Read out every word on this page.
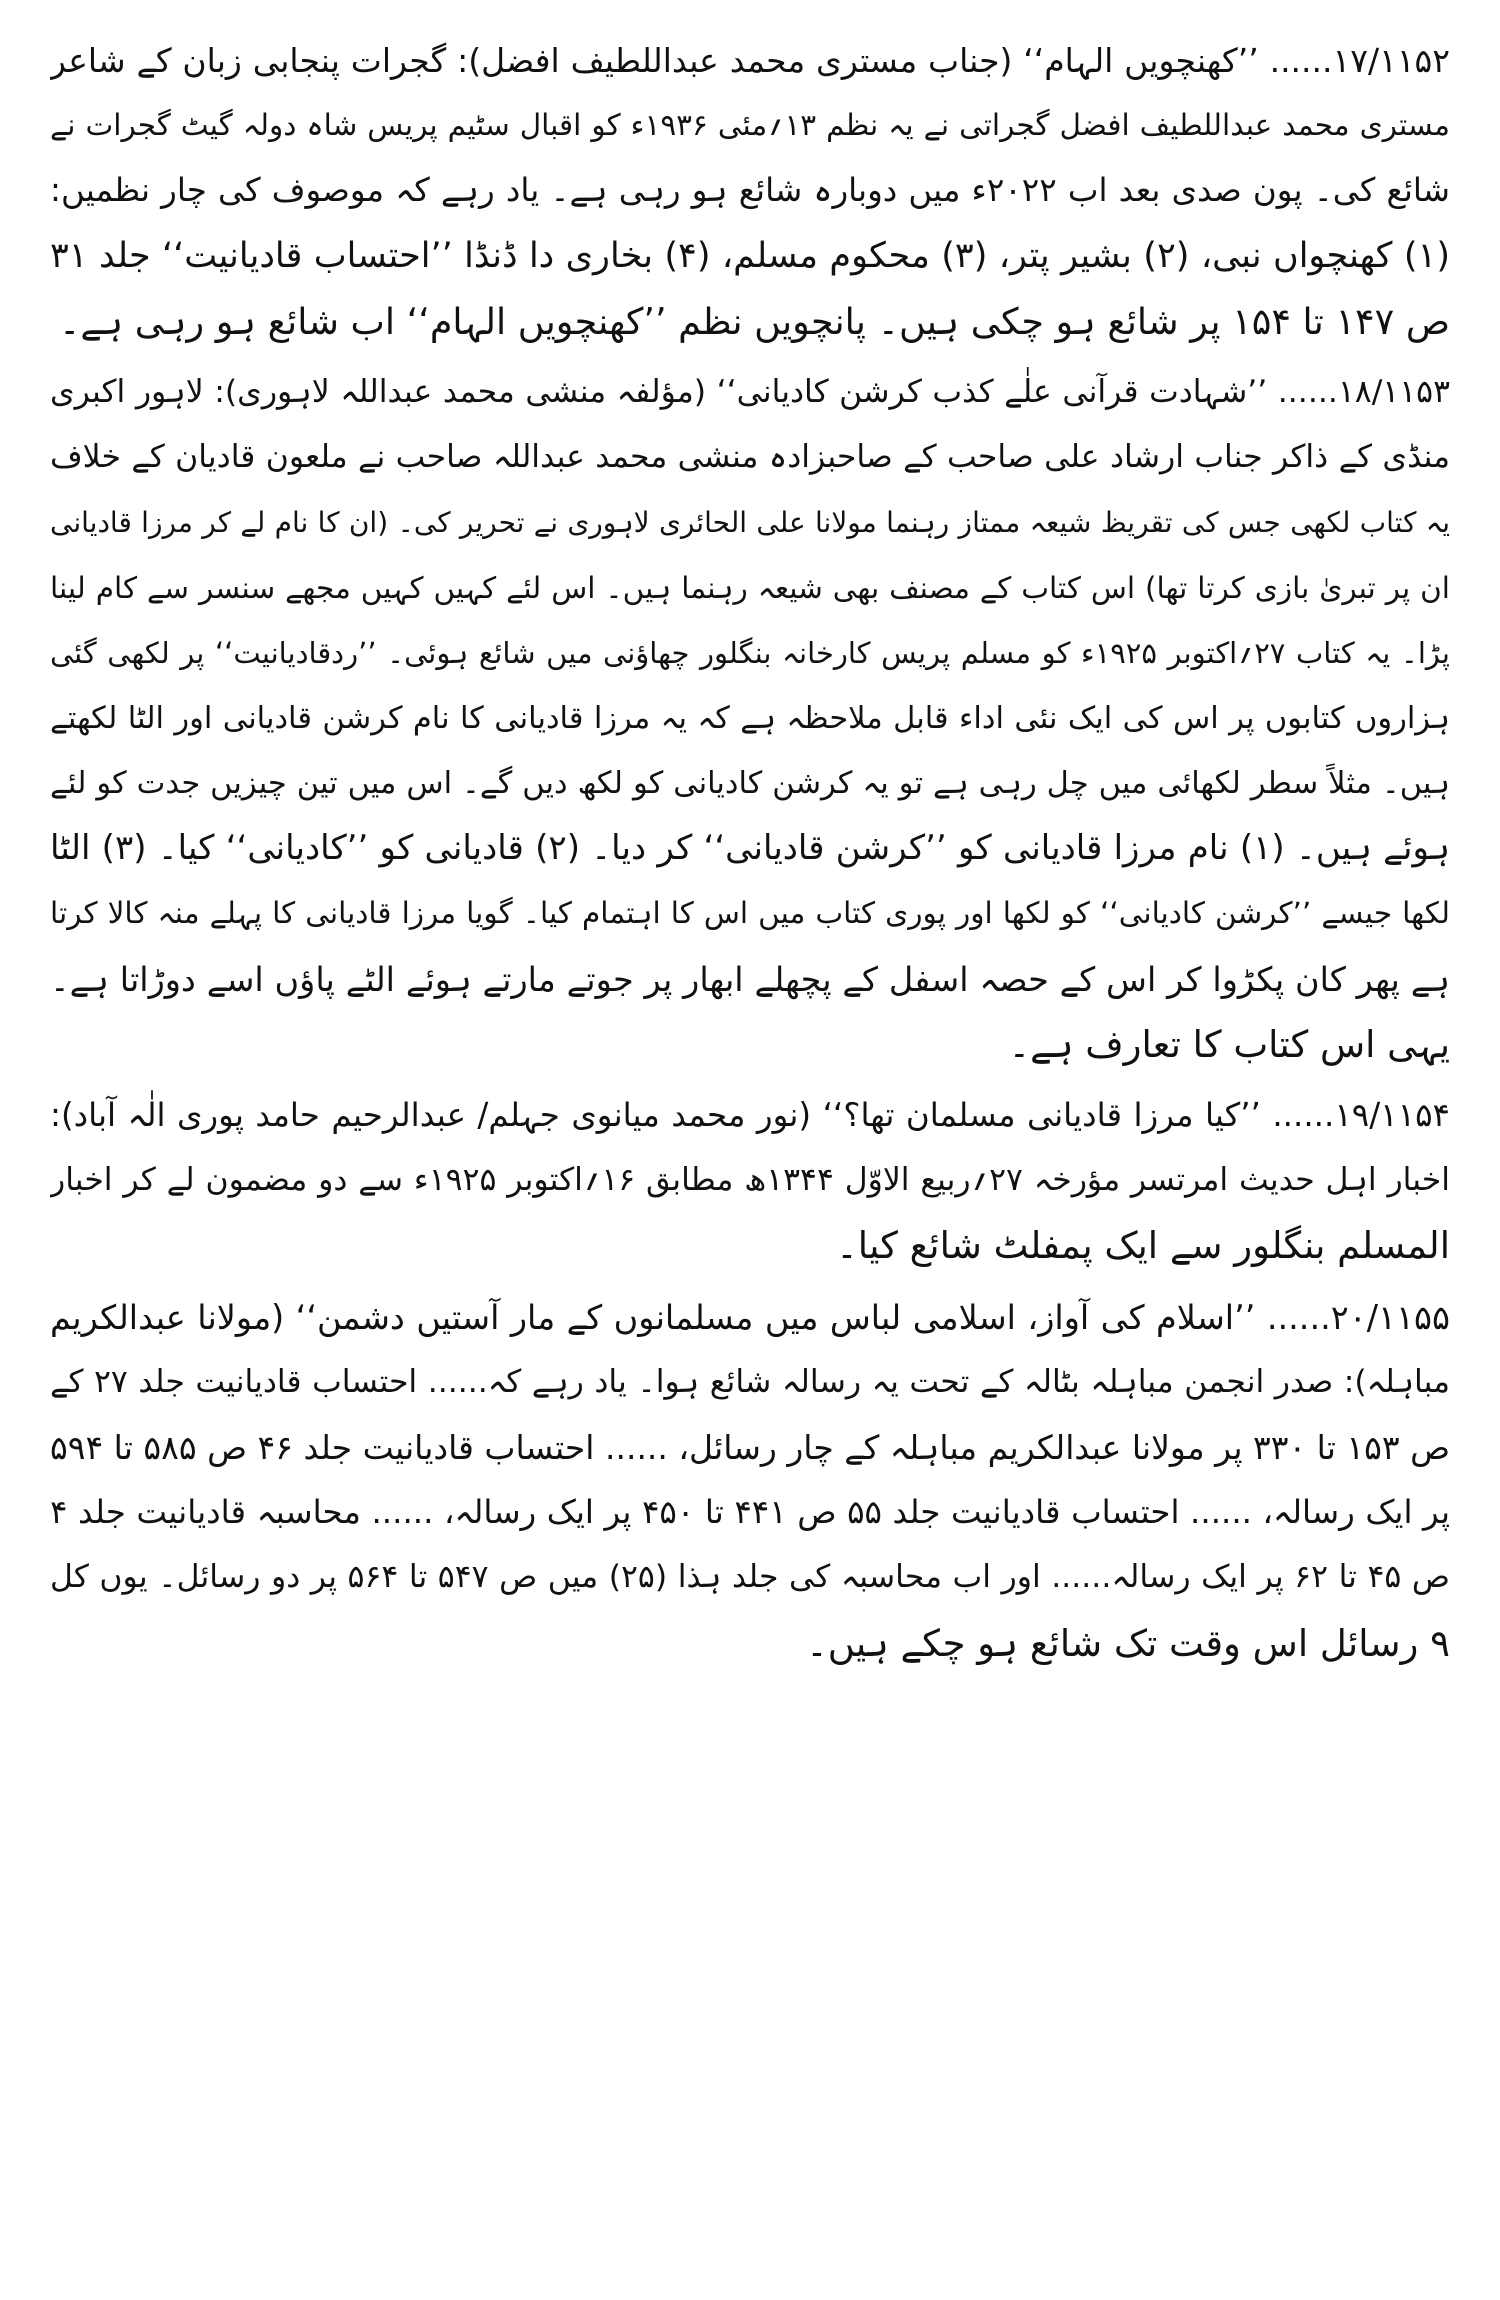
۱۷/۱۱۵۲...... ’’کھنچویں الہام‘‘ (جناب مستری محمد عبداللطیف افضل): گجرات پنجابی زبان کے شاعر
مستری محمد عبداللطیف افضل گجراتی نے یہ نظم ۱۳؍مئی ۱۹۳۶ء کو اقبال سٹیم پریس شاہ دولہ گیٹ گجرات نے
شائع کی۔ پون صدی بعد اب ۲۰۲۲ء میں دوبارہ شائع ہو رہی ہے۔ یاد رہے کہ موصوف کی چار نظمیں:
(۱) کھنچواں نبی، (۲) بشیر پتر، (۳) محکوم مسلم، (۴) بخاری دا ڈنڈا ’’احتساب قادیانیت‘‘ جلد ۳۱
ص ۱۴۷ تا ۱۵۴ پر شائع ہو چکی ہیں۔ پانچویں نظم ’’کھنچویں الہام‘‘ اب شائع ہو رہی ہے۔
۱۸/۱۱۵۳...... ’’شہادت قرآنی علٰے کذب کرشن کادیانی‘‘ (مؤلفہ منشی محمد عبداللہ لاہوری): لاہور اکبری
منڈی کے ذاکر جناب ارشاد علی صاحب کے صاحبزادہ منشی محمد عبداللہ صاحب نے ملعون قادیان کے خلاف
یہ کتاب لکھی جس کی تقریظ شیعہ ممتاز رہنما مولانا علی الحائری لاہوری نے تحریر کی۔ (ان کا نام لے کر مرزا قادیانی
ان پر تبریٰ بازی کرتا تھا) اس کتاب کے مصنف بھی شیعہ رہنما ہیں۔ اس لئے کہیں کہیں مجھے سنسر سے کام لینا
پڑا۔ یہ کتاب ۲۷؍اکتوبر ۱۹۲۵ء کو مسلم پریس کارخانہ بنگلور چھاؤنی میں شائع ہوئی۔ ’’ردقادیانیت‘‘ پر لکھی گئی
ہزاروں کتابوں پر اس کی ایک نئی اداء قابل ملاحظہ ہے کہ یہ مرزا قادیانی کا نام کرشن قادیانی اور الٹا لکھتے
ہیں۔ مثلاً سطر لکھائی میں چل رہی ہے تو یہ کرشن کادیانی کو لکھ دیں گے۔ اس میں تین چیزیں جدت کو لئے
ہوئے ہیں۔ (۱) نام مرزا قادیانی کو ’’کرشن قادیانی‘‘ کر دیا۔ (۲) قادیانی کو ’’کادیانی‘‘ کیا۔ (۳) الٹا
لکھا جیسے ’’کرشن کادیانی‘‘ کو لکھا اور پوری کتاب میں اس کا اہتمام کیا۔ گویا مرزا قادیانی کا پہلے منہ کالا کرتا
ہے پھر کان پکڑوا کر اس کے حصہ اسفل کے پچھلے ابھار پر جوتے مارتے ہوئے الٹے پاؤں اسے دوڑاتا ہے۔
یہی اس کتاب کا تعارف ہے۔
۱۹/۱۱۵۴...... ’’کیا مرزا قادیانی مسلمان تھا؟‘‘ (نور محمد میانوی جہلم/ عبدالرحیم حامد پوری الٰہ آباد):
اخبار اہل حدیث امرتسر مؤرخہ ۲۷؍ربیع الاوّل ۱۳۴۴ھ مطابق ۱۶؍اکتوبر ۱۹۲۵ء سے دو مضمون لے کر اخبار
المسلم بنگلور سے ایک پمفلٹ شائع کیا۔
۲۰/۱۱۵۵...... ’’اسلام کی آواز، اسلامی لباس میں مسلمانوں کے مار آستیں دشمن‘‘ (مولانا عبدالکریم
مباہلہ): صدر انجمن مباہلہ بٹالہ کے تحت یہ رسالہ شائع ہوا۔ یاد رہے کہ...... احتساب قادیانیت جلد ۲۷ کے
ص ۱۵۳ تا ۳۳۰ پر مولانا عبدالکریم مباہلہ کے چار رسائل، ...... احتساب قادیانیت جلد ۴۶ ص ۵۸۵ تا ۵۹۴
پر ایک رسالہ، ...... احتساب قادیانیت جلد ۵۵ ص ۴۴۱ تا ۴۵۰ پر ایک رسالہ، ...... محاسبہ قادیانیت جلد ۴
ص ۴۵ تا ۶۲ پر ایک رسالہ...... اور اب محاسبہ کی جلد ہذا (۲۵) میں ص ۵۴۷ تا ۵۶۴ پر دو رسائل۔ یوں کل
۹ رسائل اس وقت تک شائع ہو چکے ہیں۔
